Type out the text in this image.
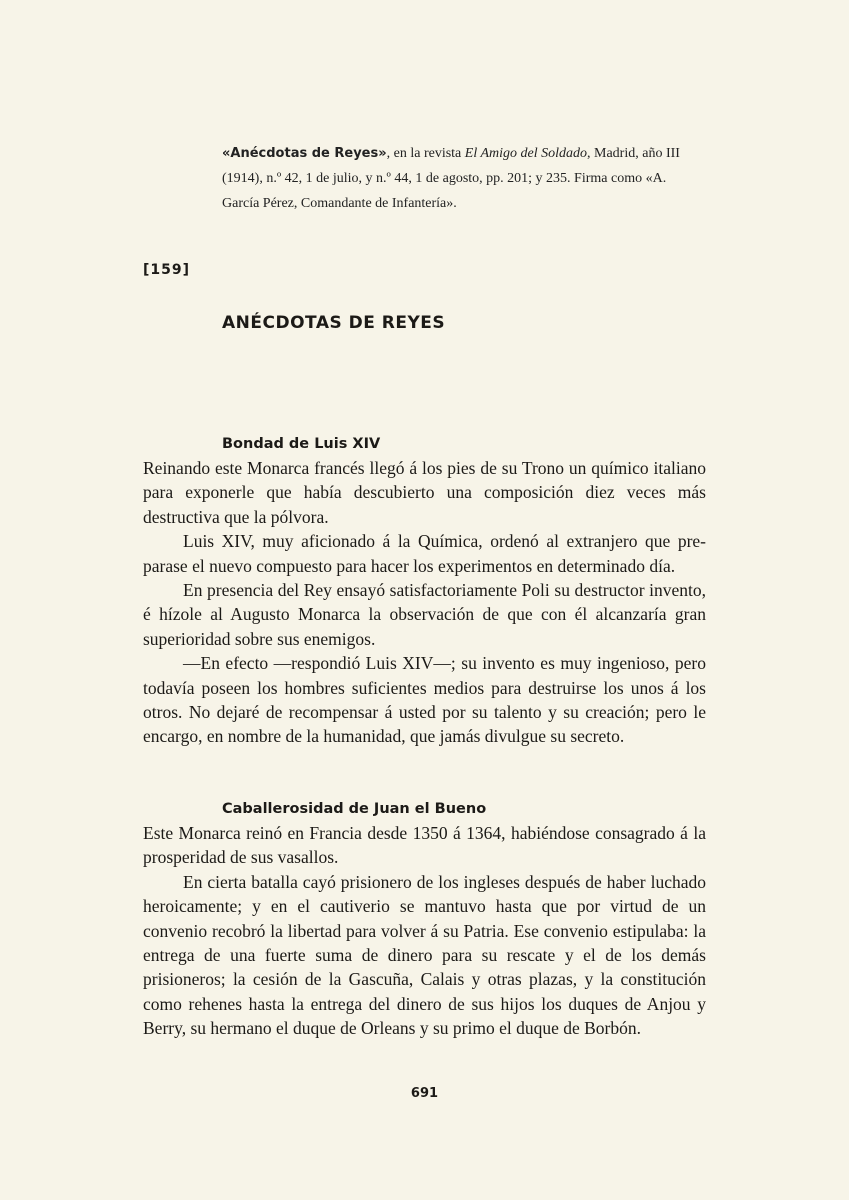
«Anécdotas de Reyes», en la revista El Amigo del Soldado, Madrid, año III (1914), n.º 42, 1 de julio, y n.º 44, 1 de agosto, pp. 201; y 235. Firma como «A. García Pérez, Comandante de Infantería».
[159]
ANÉCDOTAS DE REYES
Bondad de Luis XIV

Reinando este Monarca francés llegó á los pies de su Trono un químico italiano para exponerle que había descubierto una composición diez veces más destructiva que la pólvora.

Luis XIV, muy aficionado á la Química, ordenó al extranjero que preparase el nuevo compuesto para hacer los experimentos en determinado día.

En presencia del Rey ensayó satisfactoriamente Poli su destructor invento, é hízole al Augusto Monarca la observación de que con él alcanzaría gran superioridad sobre sus enemigos.

—En efecto —respondió Luis XIV—; su invento es muy ingenioso, pero todavía poseen los hombres suficientes medios para destruirse los unos á los otros. No dejaré de recompensar á usted por su talento y su creación; pero le encargo, en nombre de la humanidad, que jamás divulgue su secreto.

Caballerosidad de Juan el Bueno

Este Monarca reinó en Francia desde 1350 á 1364, habiéndose consagrado á la prosperidad de sus vasallos.

En cierta batalla cayó prisionero de los ingleses después de haber luchado heroicamente; y en el cautiverio se mantuvo hasta que por virtud de un convenio recobró la libertad para volver á su Patria. Ese convenio estipulaba: la entrega de una fuerte suma de dinero para su rescate y el de los demás prisioneros; la cesión de la Gascuña, Calais y otras plazas, y la constitución como rehenes hasta la entrega del dinero de sus hijos los duques de Anjou y Berry, su hermano el duque de Orleans y su primo el duque de Borbón.

691
